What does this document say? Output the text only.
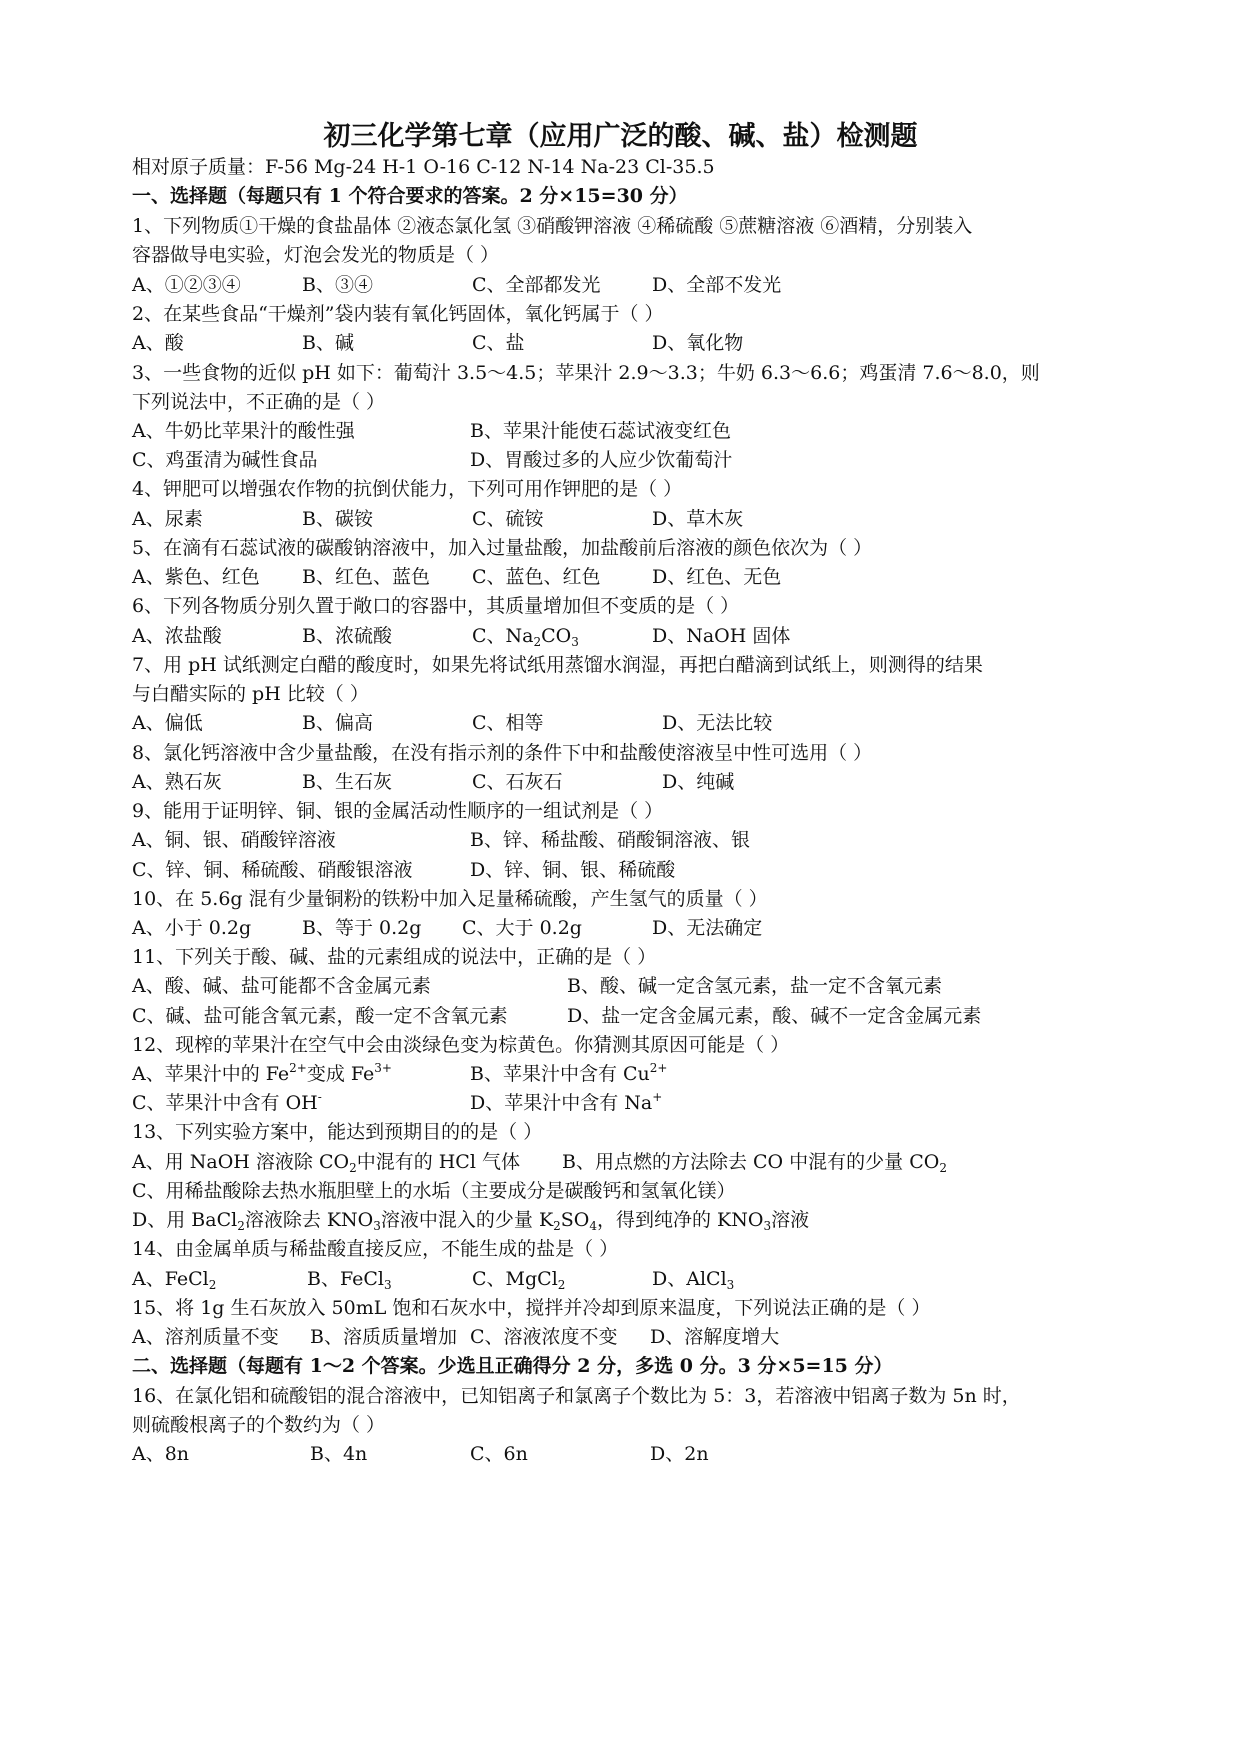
初三化学第七章（应用广泛的酸、碱、盐）检测题
相对原子质量：F-56 Mg-24 H-1 O-16 C-12 N-14 Na-23 Cl-35.5
一、选择题（每题只有 1 个符合要求的答案。2 分×15=30 分）
1、下列物质①干燥的食盐晶体 ②液态氯化氢 ③硝酸钾溶液 ④稀硫酸 ⑤蔗糖溶液 ⑥酒精，分别装入
容器做导电实验，灯泡会发光的物质是（ ）
A、①②③④	B、③④	C、全部都发光	D、全部不发光
2、在某些食品“干燥剂”袋内装有氧化钙固体，氧化钙属于（ ）
A、酸	B、碱	C、盐	D、氧化物
3、一些食物的近似 pH 如下：葡萄汁 3.5～4.5；苹果汁 2.9～3.3；牛奶 6.3～6.6；鸡蛋清 7.6～8.0，则
下列说法中，不正确的是（ ）
A、牛奶比苹果汁的酸性强	B、苹果汁能使石蕊试液变红色
C、鸡蛋清为碱性食品	D、胃酸过多的人应少饮葡萄汁
4、钾肥可以增强农作物的抗倒伏能力，下列可用作钾肥的是（ ）
A、尿素	B、碳铵	C、硫铵	D、草木灰
5、在滴有石蕊试液的碳酸钠溶液中，加入过量盐酸，加盐酸前后溶液的颜色依次为（ ）
A、紫色、红色 B、红色、蓝色 C、蓝色、红色	D、红色、无色
6、下列各物质分别久置于敞口的容器中，其质量增加但不变质的是（ ）
A、浓盐酸	B、浓硫酸	C、$Na_2CO_3$	D、NaOH 固体
7、用 pH 试纸测定白醋的酸度时，如果先将试纸用蒸馏水润湿，再把白醋滴到试纸上，则测得的结果
与白醋实际的 pH 比较（ ）
A、偏低	B、偏高	C、相等	D、无法比较
8、氯化钙溶液中含少量盐酸，在没有指示剂的条件下中和盐酸使溶液呈中性可选用（ ）
A、熟石灰	B、生石灰	C、石灰石	D、纯碱
9、能用于证明锌、铜、银的金属活动性顺序的一组试剂是（ ）
A、铜、银、硝酸锌溶液	B、锌、稀盐酸、硝酸铜溶液、银
C、锌、铜、稀硫酸、硝酸银溶液	D、锌、铜、银、稀硫酸
10、在 5.6g 混有少量铜粉的铁粉中加入足量稀硫酸，产生氢气的质量（ ）
A、小于 0.2g	B、等于 0.2g C、大于 0.2g	D、无法确定
11、下列关于酸、碱、盐的元素组成的说法中，正确的是（ ）
A、酸、碱、盐可能都不含金属元素	B、酸、碱一定含氢元素，盐一定不含氧元素
C、碱、盐可能含氧元素，酸一定不含氧元素	D、盐一定含金属元素，酸、碱不一定含金属元素
12、现榨的苹果汁在空气中会由淡绿色变为棕黄色。你猜测其原因可能是（ ）
A、苹果汁中的 $Fe^{2+}$变成 $Fe^{3+}$	B、苹果汁中含有 $Cu^{2+}$
C、苹果汁中含有 OH-	D、苹果汁中含有 Na+
13、下列实验方案中，能达到预期目的的是（ ）
A、用 NaOH 溶液除 $CO_2$中混有的 HCl 气体 B、用点燃的方法除去 CO 中混有的少量 $CO_2$
C、用稀盐酸除去热水瓶胆壁上的水垢（主要成分是碳酸钙和氢氧化镁）
D、用 BaCl$_2$溶液除去 $KNO_3$溶液中混入的少量 $K_2SO_4$，得到纯净的 $KNO_3$溶液
14、由金属单质与稀盐酸直接反应，不能生成的盐是（ ）
A、FeCl$_2$	B、FeCl$_3$	C、MgCl$_2$	D、AlCl$_3$
15、将 1g 生石灰放入 50mL 饱和石灰水中，搅拌并冷却到原来温度，下列说法正确的是（ ）
A、溶剂质量不变 B、溶质质量增加 C、溶液浓度不变 D、溶解度增大
二、选择题（每题有 1～2 个答案。少选且正确得分 2 分，多选 0 分。3 分×5=15 分）
16、在氯化铝和硫酸铝的混合溶液中，已知铝离子和氯离子个数比为 5：3，若溶液中铝离子数为 5n 时，
则硫酸根离子的个数约为（ ）
A、8n	B、4n	C、6n	D、2n
